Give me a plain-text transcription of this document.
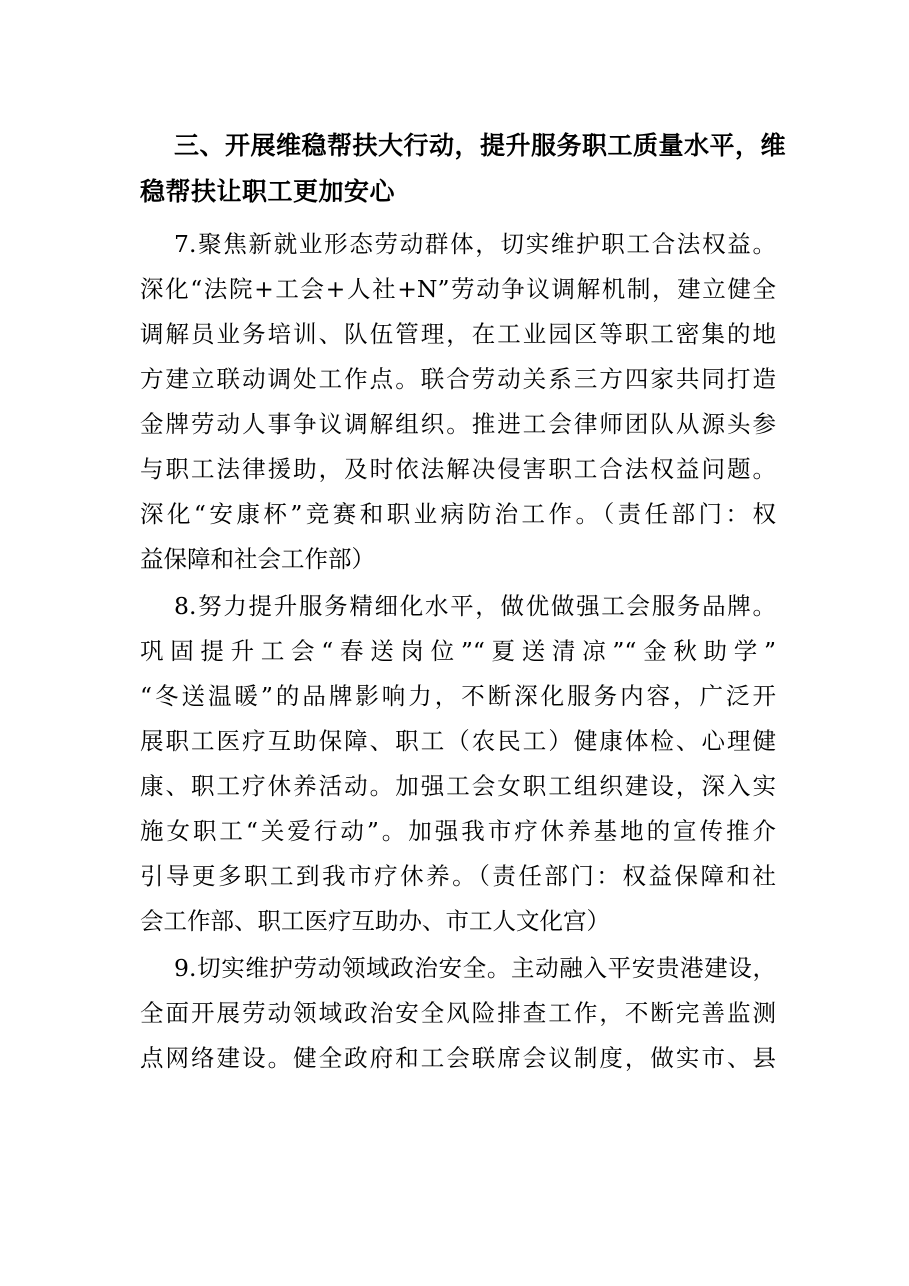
三、开展维稳帮扶大行动，提升服务职工质量水平，维
稳帮扶让职工更加安心
7.聚焦新就业形态劳动群体，切实维护职工合法权益。
深化“法院+工会+人社+N”劳动争议调解机制，建立健全
调解员业务培训、队伍管理，在工业园区等职工密集的地
方建立联动调处工作点。联合劳动关系三方四家共同打造
金牌劳动人事争议调解组织。推进工会律师团队从源头参
与职工法律援助，及时依法解决侵害职工合法权益问题。
深化“安康杯”竞赛和职业病防治工作。（责任部门：权
益保障和社会工作部）
8.努力提升服务精细化水平，做优做强工会服务品牌。
巩固提升工会“春送岗位”“夏送清凉”“金秋助学”
“冬送温暖”的品牌影响力，不断深化服务内容，广泛开
展职工医疗互助保障、职工（农民工）健康体检、心理健
康、职工疗休养活动。加强工会女职工组织建设，深入实
施女职工“关爱行动”。加强我市疗休养基地的宣传推介
引导更多职工到我市疗休养。（责任部门：权益保障和社
会工作部、职工医疗互助办、市工人文化宫）
9.切实维护劳动领域政治安全。主动融入平安贵港建设，
全面开展劳动领域政治安全风险排查工作，不断完善监测
点网络建设。健全政府和工会联席会议制度，做实市、县
